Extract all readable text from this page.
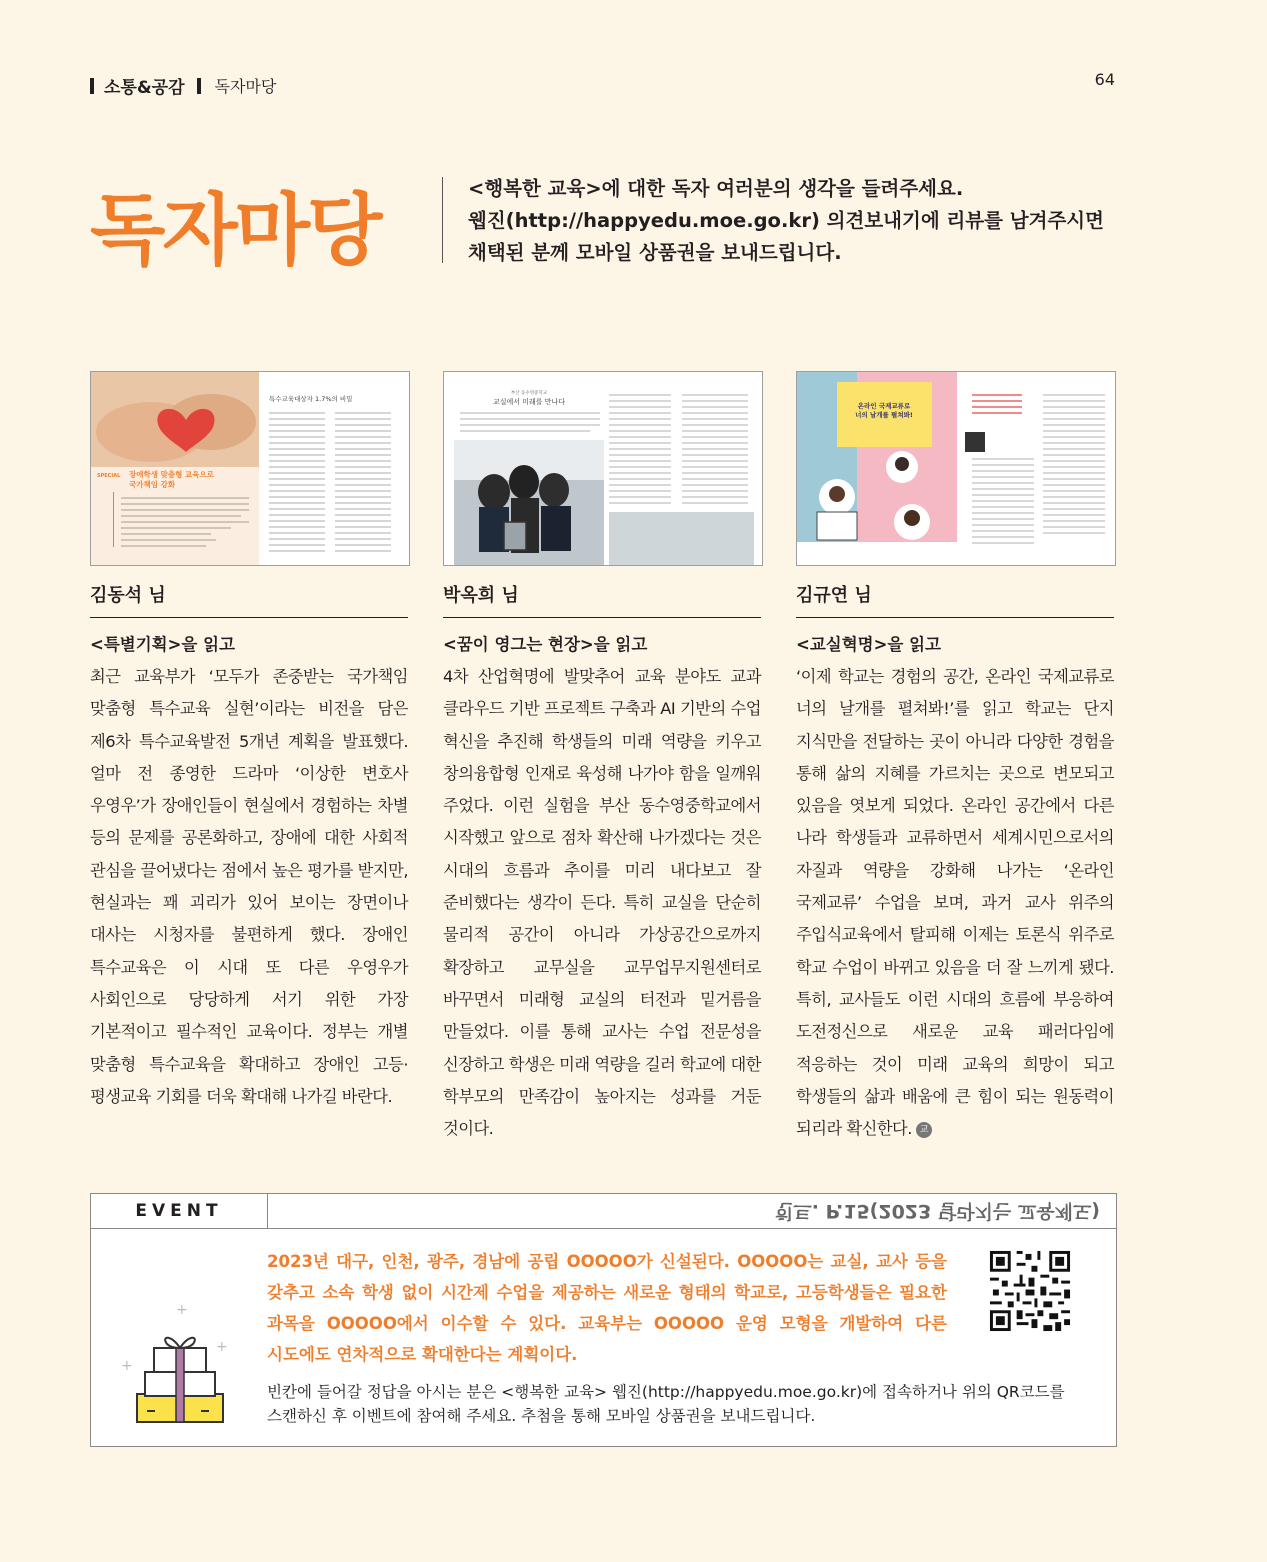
소통&공감 독자마당	64
독자마당	<행복한 교육>에 대한 독자 여러분의 생각을 들려주세요.
웹진(http://happyedu.moe.go.kr) 의견보내기에 리뷰를 남겨주시면
채택된 분께 모바일 상품권을 보내드립니다.
SPECIAL 장애학생 맞춤형 교육으로
국가책임 강화
특수교육대상자 1.7%의 비밀
부산 동수영중학교
교실에서 미래를 만나다	온라인 국제교류로
너의 날개를 펼쳐봐!
김동석 님
<특별기획>을 읽고
최근 교육부가 ‘모두가 존중받는 국가책임 맞춤형 특수교육 실현’이라는 비전을 담은 제6차 특수교육발전 5개년 계획을 발표했다. 얼마 전 종영한 드라마 ‘이상한 변호사 우영우’가 장애인들이 현실에서 경험하는 차별 등의 문제를 공론화하고, 장애에 대한 사회적 관심을 끌어냈다는 점에서 높은 평가를 받지만, 현실과는 꽤 괴리가 있어 보이는 장면이나 대사는 시청자를 불편하게 했다. 장애인 특수교육은 이 시대 또 다른 우영우가 사회인으로 당당하게 서기 위한 가장 기본적이고 필수적인 교육이다. 정부는 개별 맞춤형 특수교육을 확대하고 장애인 고등·평생교육 기회를 더욱 확대해 나가길 바란다.
박옥희 님
<꿈이 영그는 현장>을 읽고
4차 산업혁명에 발맞추어 교육 분야도 교과 클라우드 기반 프로젝트 구축과 AI 기반의 수업 혁신을 추진해 학생들의 미래 역량을 키우고 창의융합형 인재로 육성해 나가야 함을 일깨워 주었다. 이런 실험을 부산 동수영중학교에서 시작했고 앞으로 점차 확산해 나가겠다는 것은 시대의 흐름과 추이를 미리 내다보고 잘 준비했다는 생각이 든다. 특히 교실을 단순히 물리적 공간이 아니라 가상공간으로까지 확장하고 교무실을 교무업무지원센터로 바꾸면서 미래형 교실의 터전과 밑거름을 만들었다. 이를 통해 교사는 수업 전문성을 신장하고 학생은 미래 역량을 길러 학교에 대한 학부모의 만족감이 높아지는 성과를 거둔 것이다.
김규연 님
<교실혁명>을 읽고
‘이제 학교는 경험의 공간, 온라인 국제교류로 너의 날개를 펼쳐봐!’를 읽고 학교는 단지 지식만을 전달하는 곳이 아니라 다양한 경험을 통해 삶의 지혜를 가르치는 곳으로 변모되고 있음을 엿보게 되었다. 온라인 공간에서 다른 나라 학생들과 교류하면서 세계시민으로서의 자질과 역량을 강화해 나가는 ‘온라인 국제교류’ 수업을 보며, 과거 교사 위주의 주입식교육에서 탈피해 이제는 토론식 위주로 학교 수업이 바뀌고 있음을 더 잘 느끼게 됐다. 특히, 교사들도 이런 시대의 흐름에 부응하여 도전정신으로 새로운 교육 패러다임에 적응하는 것이 미래 교육의 희망이 되고 학생들의 삶과 배움에 큰 힘이 되는 원동력이 되리라 확신한다. 교
EVENT	힌트. P.15(2023 달라지는 교육제도)
+
+
+
2023년 대구, 인천, 광주, 경남에 공립 OOOOO가 신설된다. OOOOO는 교실, 교사 등을 갖추고 소속 학생 없이 시간제 수업을 제공하는 새로운 형태의 학교로, 고등학생들은 필요한 과목을 OOOOO에서 이수할 수 있다. 교육부는 OOOOO 운영 모형을 개발하여 다른 시도에도 연차적으로 확대한다는 계획이다.
빈칸에 들어갈 정답을 아시는 분은 <행복한 교육> 웹진(http://happyedu.moe.go.kr)에 접속하거나 위의 QR코드를 스캔하신 후 이벤트에 참여해 주세요. 추첨을 통해 모바일 상품권을 보내드립니다.
